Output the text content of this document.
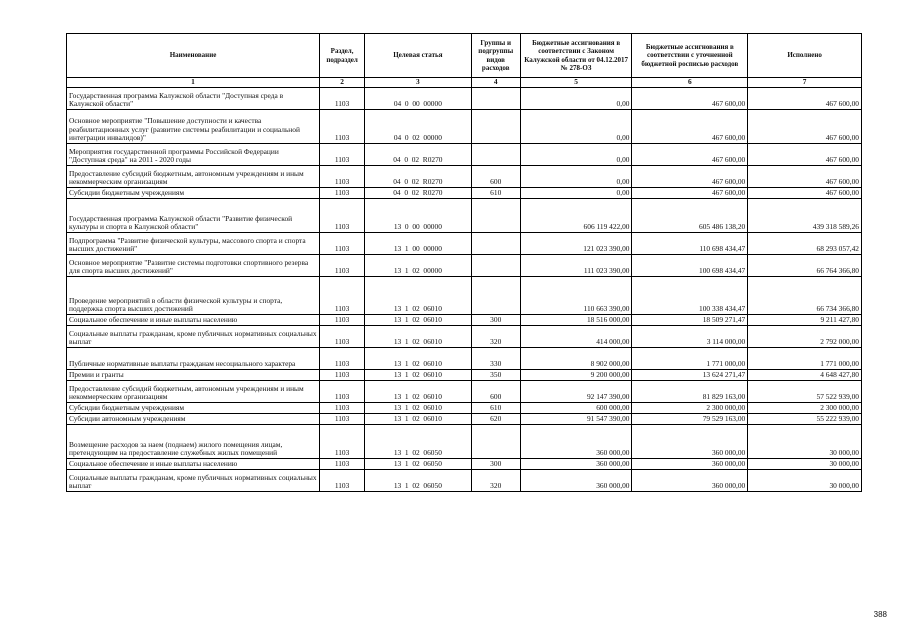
Наименование	Раздел, подраздел	Целевая статья	Группы и подгруппы видов расходов	Бюджетные ассигнования в соответствии с Законом Калужской области от 04.12.2017 № 278-ОЗ	Бюджетные ассигнования в соответствии с уточненной бюджетной росписью расходов	Исполнено
1	2	3	4	5	6	7
Государственная программа Калужской области "Доступная среда в Калужской области"	1103	04  0  00  00000		0,00	467 600,00	467 600,00
Основное мероприятие "Повышение доступности и качества реабилитационных услуг (развитие системы реабилитации и социальной интеграции инвалидов)"	1103	04  0  02  00000		0,00	467 600,00	467 600,00
Мероприятия государственной программы Российской Федерации "Доступная среда" на 2011 - 2020 годы	1103	04  0  02  R0270		0,00	467 600,00	467 600,00
Предоставление субсидий бюджетным, автономным учреждениям и иным некоммерческим организациям	1103	04  0  02  R0270	600	0,00	467 600,00	467 600,00
Субсидии бюджетным учреждениям	1103	04  0  02  R0270	610	0,00	467 600,00	467 600,00
Государственная программа Калужской области "Развитие физической культуры и спорта в Калужской области"	1103	13  0  00  00000		606 119 422,00	605 486 138,20	439 318 589,26
Подпрограмма "Развитие физической культуры, массового спорта и спорта высших достижений"	1103	13  1  00  00000		121 023 390,00	110 698 434,47	68 293 057,42
Основное мероприятие "Развитие системы подготовки спортивного резерва для спорта высших достижений"	1103	13  1  02  00000		111 023 390,00	100 698 434,47	66 764 366,80
Проведение мероприятий в области физической культуры и спорта, поддержка спорта высших достижений	1103	13  1  02  06010		110 663 390,00	100 338 434,47	66 734 366,80
Социальное обеспечение и иные выплаты населению	1103	13  1  02  06010	300	18 516 000,00	18 509 271,47	9 211 427,80
Социальные выплаты гражданам, кроме публичных нормативных социальных выплат	1103	13  1  02  06010	320	414 000,00	3 114 000,00	2 792 000,00
Публичные нормативные выплаты гражданам несоциального характера	1103	13  1  02  06010	330	8 902 000,00	1 771 000,00	1 771 000,00
Премии и гранты	1103	13  1  02  06010	350	9 200 000,00	13 624 271,47	4 648 427,80
Предоставление субсидий бюджетным, автономным учреждениям и иным некоммерческим организациям	1103	13  1  02  06010	600	92 147 390,00	81 829 163,00	57 522 939,00
Субсидии бюджетным учреждениям	1103	13  1  02  06010	610	600 000,00	2 300 000,00	2 300 000,00
Субсидии автономным учреждениям	1103	13  1  02  06010	620	91 547 390,00	79 529 163,00	55 222 939,00
Возмещение расходов за наем (поднаем) жилого помещения лицам, претендующим на предоставление служебных жилых помещений	1103	13  1  02  06050		360 000,00	360 000,00	30 000,00
Социальное обеспечение и иные выплаты населению	1103	13  1  02  06050	300	360 000,00	360 000,00	30 000,00
Социальные выплаты гражданам, кроме публичных нормативных социальных выплат	1103	13  1  02  06050	320	360 000,00	360 000,00	30 000,00
388
